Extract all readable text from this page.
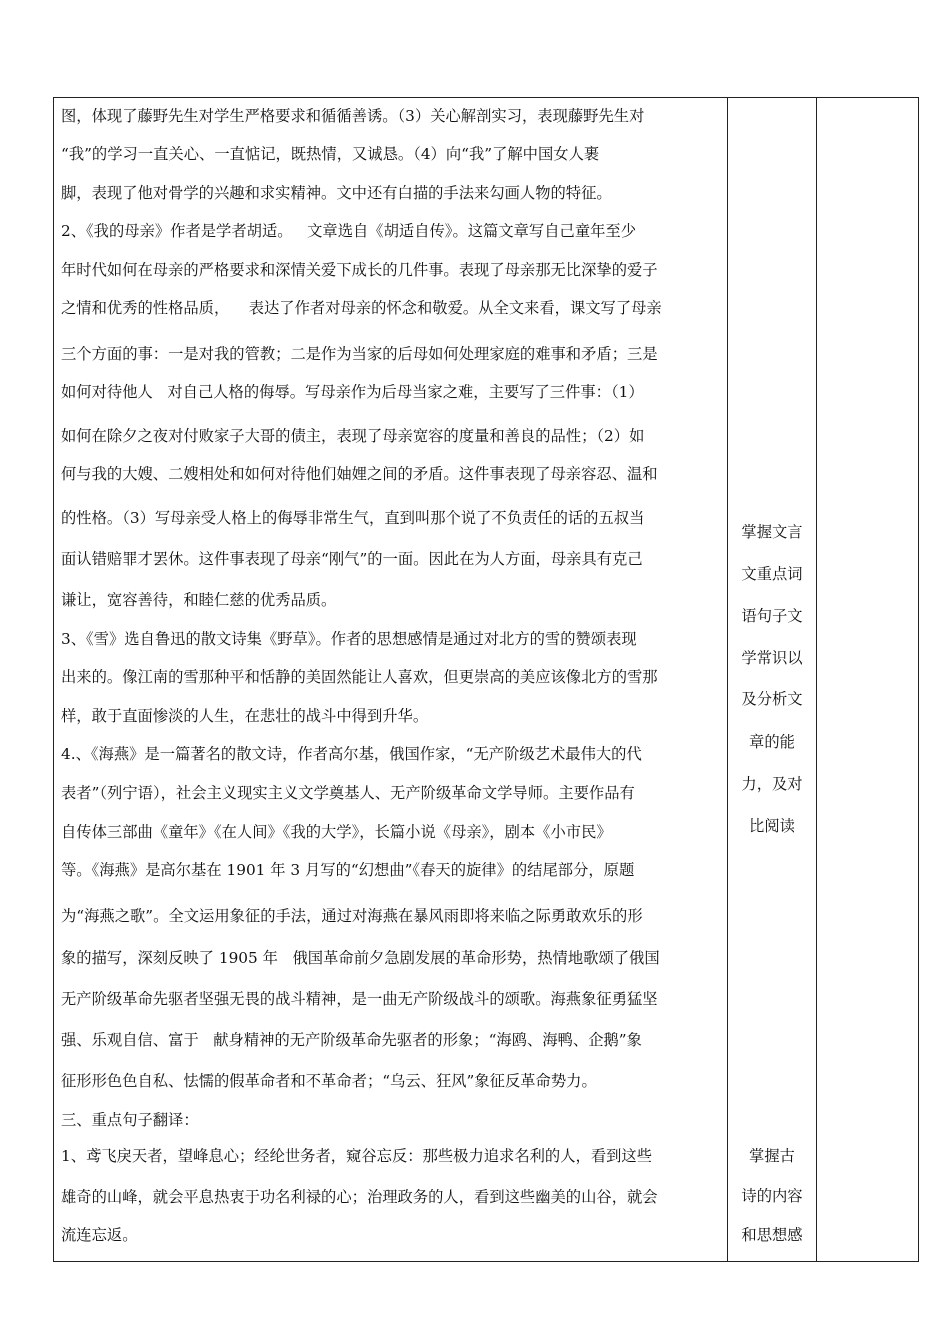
图，体现了藤野先生对学生严格要求和循循善诱。（3）关心解剖实习，表现藤野先生对
“我”的学习一直关心、一直惦记，既热情，又诚恳。（4）向“我”了解中国女人裹
脚，表现了他对骨学的兴趣和求实精神。文中还有白描的手法来勾画人物的特征。
2、《我的母亲》作者是学者胡适。   文章选自《胡适自传》。这篇文章写自己童年至少
年时代如何在母亲的严格要求和深情关爱下成长的几件事。表现了母亲那无比深挚的爱子
之情和优秀的性格品质，    表达了作者对母亲的怀念和敬爱。从全文来看，课文写了母亲
三个方面的事：一是对我的管教；二是作为当家的后母如何处理家庭的难事和矛盾；三是
如何对待他人   对自己人格的侮辱。写母亲作为后母当家之难，主要写了三件事：（1）
如何在除夕之夜对付败家子大哥的债主，表现了母亲宽容的度量和善良的品性；（2）如
何与我的大嫂、二嫂相处和如何对待他们妯娌之间的矛盾。这件事表现了母亲容忍、温和
的性格。（3）写母亲受人格上的侮辱非常生气，直到叫那个说了不负责任的话的五叔当
面认错赔罪才罢休。这件事表现了母亲“刚气”的一面。因此在为人方面，母亲具有克己
谦让，宽容善待，和睦仁慈的优秀品质。
3、《雪》选自鲁迅的散文诗集《野草》。作者的思想感情是通过对北方的雪的赞颂表现
出来的。像江南的雪那种平和恬静的美固然能让人喜欢，但更崇高的美应该像北方的雪那
样，敢于直面惨淡的人生，在悲壮的战斗中得到升华。
4.、《海燕》是一篇著名的散文诗，作者高尔基，俄国作家，“无产阶级艺术最伟大的代
表者”（列宁语），社会主义现实主义文学奠基人、无产阶级革命文学导师。主要作品有
自传体三部曲《童年》《在人间》《我的大学》，长篇小说《母亲》，剧本《小市民》
等。《海燕》是高尔基在 1901 年 3 月写的“幻想曲”《春天的旋律》的结尾部分，原题
为“海燕之歌”。全文运用象征的手法，通过对海燕在暴风雨即将来临之际勇敢欢乐的形
象的描写，深刻反映了 1905 年   俄国革命前夕急剧发展的革命形势，热情地歌颂了俄国
无产阶级革命先驱者坚强无畏的战斗精神，是一曲无产阶级战斗的颂歌。海燕象征勇猛坚
强、乐观自信、富于   献身精神的无产阶级革命先驱者的形象；“海鸥、海鸭、企鹅”象
征形形色色自私、怯懦的假革命者和不革命者；“乌云、狂风”象征反革命势力。
三、重点句子翻译：
1、鸢飞戾天者，望峰息心；经纶世务者，窥谷忘反：那些极力追求名利的人，看到这些
雄奇的山峰，就会平息热衷于功名利禄的心；治理政务的人，看到这些幽美的山谷，就会
流连忘返。
掌握文言
文重点词
语句子文
学常识以
及分析文
章的能
力，及对
比阅读
掌握古
诗的内容
和思想感
